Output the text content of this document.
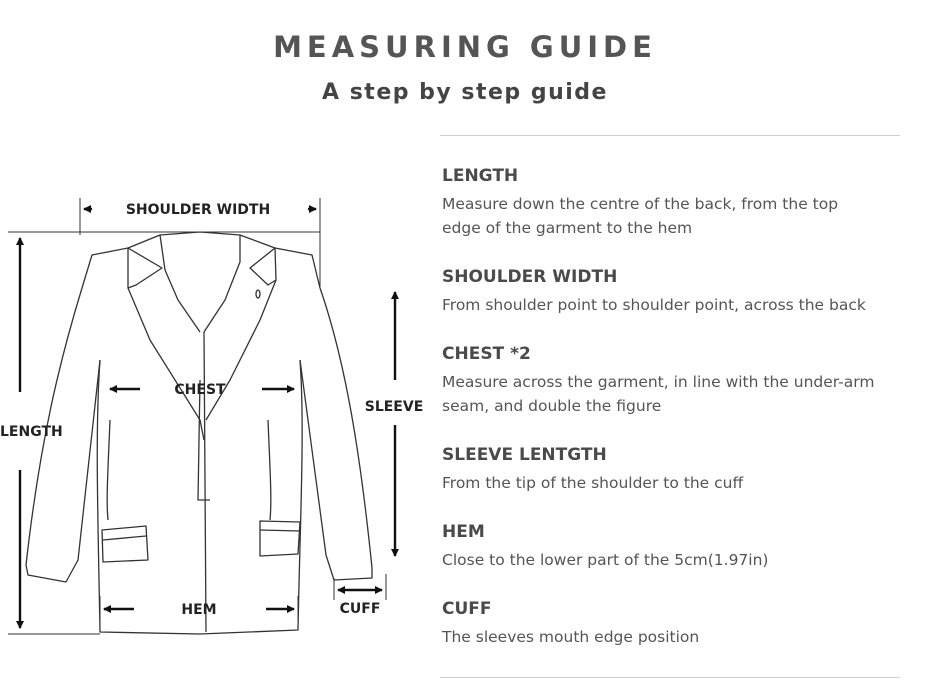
MEASURING GUIDE
A step by step guide
SHOULDER WIDTH
LENGTH
CHEST
SLEEVE
HEM	CUFF

LENGTH

Measure down the centre of the back, from the top

edge of the garment to the hem

SHOULDER WIDTH

From shoulder point to shoulder point, across the back

CHEST *2

Measure across the garment, in line with the under-arm

seam, and double the figure

SLEEVE LENTGTH

From the tip of the shoulder to the cuff

HEM

Close to the lower part of the 5cm(1.97in)

CUFF

The sleeves mouth edge position
